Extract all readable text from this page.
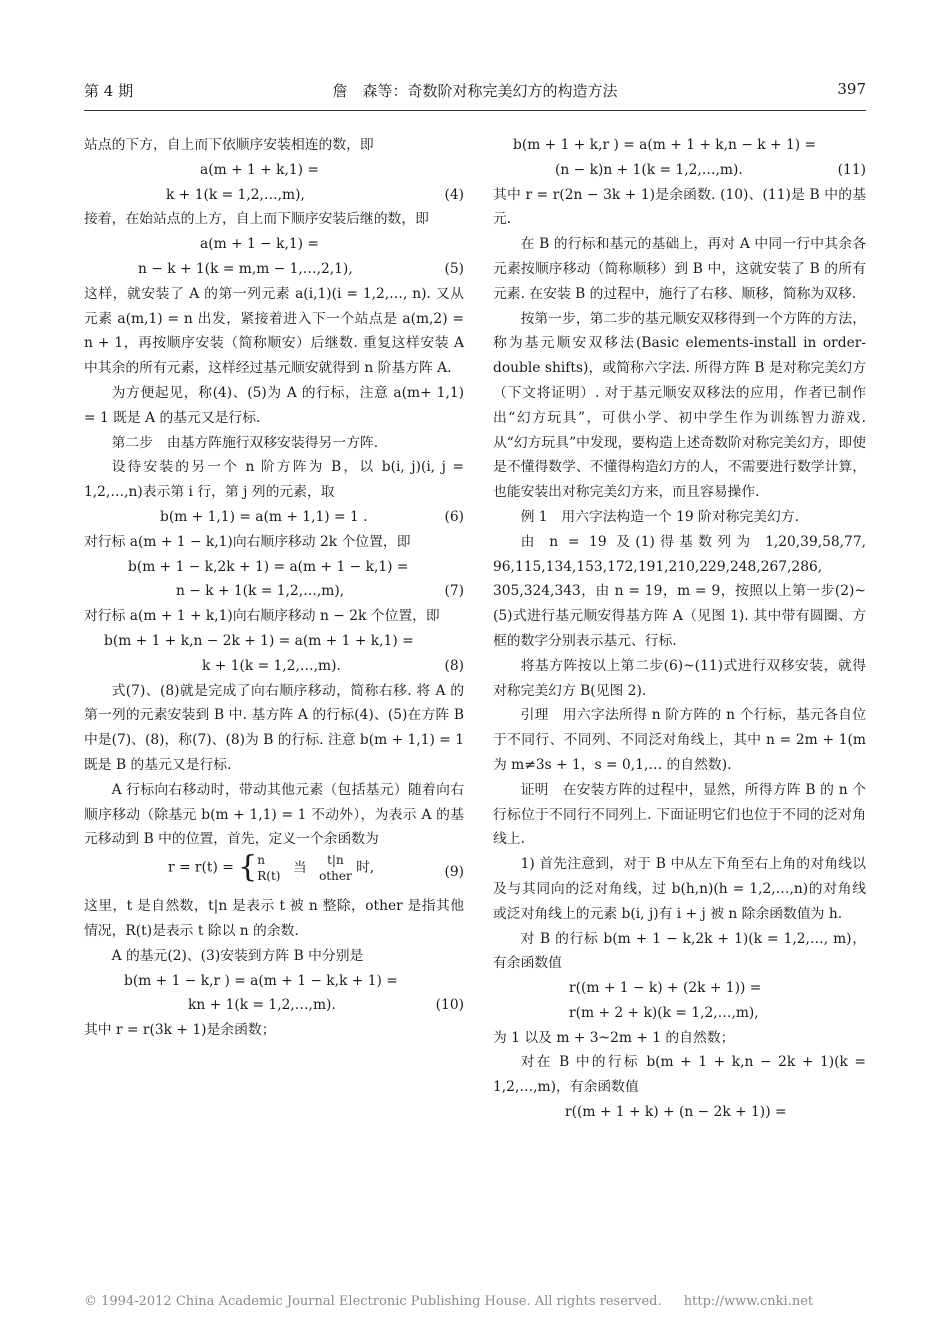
第 4 期	詹　森等：奇数阶对称完美幻方的构造方法	397

站点的下方，自上而下依顺序安装相连的数，即

a(m + 1 + k,1) =

k + 1(k = 1,2,…,m),	(4)

接着，在始站点的上方，自上而下顺序安装后继的数，即

a(m + 1 − k,1) =

n − k + 1(k = m,m − 1,…,2,1),	(5)

这样，就安装了 A 的第一列元素 a(i,1)(i = 1,2,…, n). 又从元素 a(m,1) = n 出发，紧接着进入下一个站点是 a(m,2) = n + 1，再按顺序安装（简称顺安）后继数. 重复这样安装 A 中其余的所有元素，这样经过基元顺安就得到 n 阶基方阵 A.

为方便起见，称(4)、(5)为 A 的行标，注意 a(m+ 1,1) = 1 既是 A 的基元又是行标.

第二步　由基方阵施行双移安装得另一方阵.

设待安装的另一个 n 阶方阵为 B，以 b(i, j)(i, j = 1,2,…,n)表示第 i 行，第 j 列的元素，取

b(m + 1,1) = a(m + 1,1) = 1 .	(6)

对行标 a(m + 1 − k,1)向右顺序移动 2k 个位置，即

b(m + 1 − k,2k + 1) = a(m + 1 − k,1) =

n − k + 1(k = 1,2,…,m),	(7)

对行标 a(m + 1 + k,1)向右顺序移动 n − 2k 个位置，即

b(m + 1 + k,n − 2k + 1) = a(m + 1 + k,1) =

k + 1(k = 1,2,…,m).	(8)

式(7)、(8)就是完成了向右顺序移动，简称右移. 将 A 的第一列的元素安装到 B 中. 基方阵 A 的行标(4)、(5)在方阵 B 中是(7)、(8)，称(7)、(8)为 B 的行标. 注意 b(m + 1,1) = 1 既是 B 的基元又是行标.

A 行标向右移动时，带动其他元素（包括基元）随着向右顺序移动（除基元 b(m + 1,1) = 1 不动外），为表示 A 的基元移动到 B 中的位置，首先，定义一个余函数为

r = r(t) = { n
R(t)
当	t|n
other
时,	(9)

这里，t 是自然数，t|n 是表示 t 被 n 整除，other 是指其他情况，R(t)是表示 t 除以 n 的余数.

A 的基元(2)、(3)安装到方阵 B 中分别是

b(m + 1 − k,r ) = a(m + 1 − k,k + 1) =

kn + 1(k = 1,2,…,m).	(10)

其中 r = r(3k + 1)是余函数；

b(m + 1 + k,r ) = a(m + 1 + k,n − k + 1) =

(n − k)n + 1(k = 1,2,…,m).	(11)

其中 r = r(2n − 3k + 1)是余函数. (10)、(11)是 B 中的基元.

在 B 的行标和基元的基础上，再对 A 中同一行中其余各元素按顺序移动（简称顺移）到 B 中，这就安装了 B 的所有元素. 在安装 B 的过程中，施行了右移、顺移，简称为双移.

按第一步，第二步的基元顺安双移得到一个方阵的方法，称为基元顺安双移法(Basic elements-install in order-double shifts)，或简称六字法. 所得方阵 B 是对称完美幻方（下文将证明）. 对于基元顺安双移法的应用，作者已制作出“幻方玩具”，可供小学、初中学生作为训练智力游戏. 从“幻方玩具”中发现，要构造上述奇数阶对称完美幻方，即使是不懂得数学、不懂得构造幻方的人，不需要进行数学计算，也能安装出对称完美幻方来，而且容易操作.

例 1　用六字法构造一个 19 阶对称完美幻方.

由 n = 19 及(1)得基数列为 1,20,39,58,77, 96,115,134,153,172,191,210,229,248,267,286, 305,324,343，由 n = 19，m = 9，按照以上第一步(2)~(5)式进行基元顺安得基方阵 A（见图 1). 其中带有圆圈、方框的数字分别表示基元、行标.

将基方阵按以上第二步(6)~(11)式进行双移安装，就得对称完美幻方 B(见图 2).

引理　用六字法所得 n 阶方阵的 n 个行标，基元各自位于不同行、不同列、不同泛对角线上，其中 n = 2m + 1(m 为 m≠3s + 1，s = 0,1,… 的自然数).

证明　在安装方阵的过程中，显然，所得方阵 B 的 n 个行标位于不同行不同列上. 下面证明它们也位于不同的泛对角线上.

1) 首先注意到，对于 B 中从左下角至右上角的对角线以及与其同向的泛对角线，过 b(h,n)(h = 1,2,…,n)的对角线或泛对角线上的元素 b(i, j)有 i + j 被 n 除余函数值为 h.

对 B 的行标 b(m + 1 − k,2k + 1)(k = 1,2,…, m)，有余函数值

r((m + 1 − k) + (2k + 1)) =

r(m + 2 + k)(k = 1,2,…,m),

为 1 以及 m + 3~2m + 1 的自然数；

对在 B 中的行标 b(m + 1 + k,n − 2k + 1)(k = 1,2,…,m)，有余函数值

r((m + 1 + k) + (n − 2k + 1)) =

© 1994-2012 China Academic Journal Electronic Publishing House. All rights reserved. http://www.cnki.net
